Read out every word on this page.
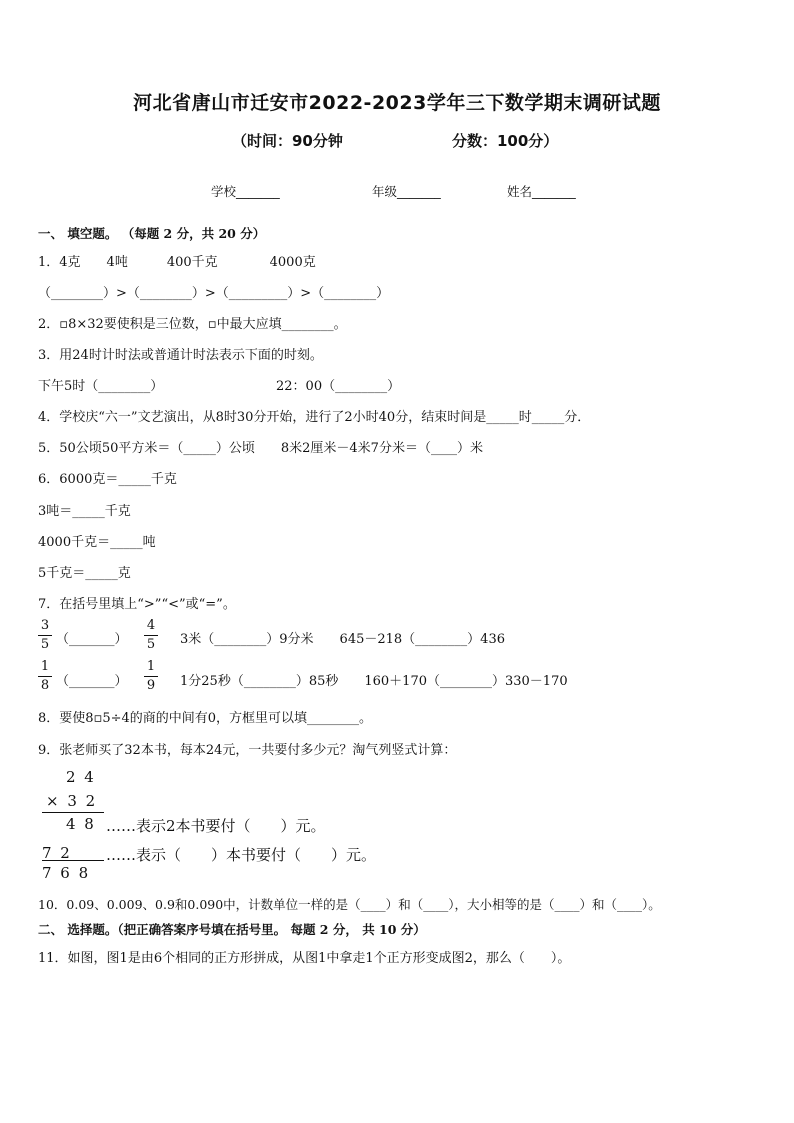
河北省唐山市迁安市2022-2023学年三下数学期末调研试题
（时间：90分钟	分数：100分）
学校_______	年级_______	姓名_______
一、 填空题。 （每题 2 分，共 20 分）
1．4克　　4吨　　　400千克　　　　4000克
（________）>（________）>（_________）>（________）
2．▫8×32要使积是三位数，▫中最大应填________。
3．用24时计时法或普通计时法表示下面的时刻。
下午5时（________）	22：00（________）
4．学校庆“六一”文艺演出，从8时30分开始，进行了2小时40分，结束时间是_____时_____分．
5．50公顷50平方米＝（_____）公顷　　8米2厘米－4米7分米＝（____）米
6．6000克＝_____千克
3吨＝_____千克
4000千克＝_____吨
5千克＝_____克
7．在括号里填上“>”“<”或“=”。
3
5 （_______）
4
5 3米（________）9分米　　645－218（________）436
1
8 （_______）
1
9 1分25秒（________）85秒　　160＋170（________）330－170
8．要使8▫5÷4的商的中间有0，方框里可以填________。
9．张老师买了32本书，每本24元，一共要付多少元？淘气列竖式计算：
2 4
× 3 2
4 8 ……表示2本书要付（　　）元。
7 2 ……表示（　　）本书要付（　　）元。
7 6 8
10．0.09、0.009、0.9和0.090中，计数单位一样的是（____）和（____），大小相等的是（____）和（____）。
二、 选择题。（把正确答案序号填在括号里。 每题 2 分， 共 10 分）
11．如图，图1是由6个相同的正方形拼成，从图1中拿走1个正方形变成图2，那么（　　）。
